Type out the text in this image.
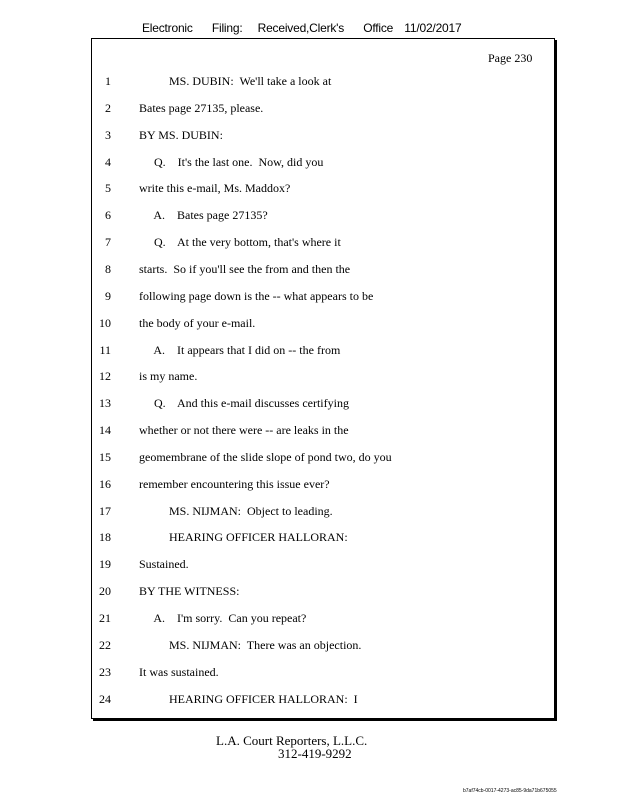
Electronic Filing: Received,Clerk's Office 11/02/2017
Page 230
1 MS. DUBIN:  We'll take a look at
2 Bates page 27135, please.
3 BY MS. DUBIN:
4 Q.    It's the last one.  Now, did you
5 write this e-mail, Ms. Maddox?
6 A.    Bates page 27135?
7 Q.    At the very bottom, that's where it
8 starts.  So if you'll see the from and then the
9 following page down is the -- what appears to be
10 the body of your e-mail.
11 A.    It appears that I did on -- the from
12 is my name.
13 Q.    And this e-mail discusses certifying
14 whether or not there were -- are leaks in the
15 geomembrane of the slide slope of pond two, do you
16 remember encountering this issue ever?
17 MS. NIJMAN:  Object to leading.
18 HEARING OFFICER HALLORAN:
19 Sustained.
20 BY THE WITNESS:
21 A.    I'm sorry.  Can you repeat?
22 MS. NIJMAN:  There was an objection.
23 It was sustained.
24 HEARING OFFICER HALLORAN:  I
L.A. Court Reporters, L.L.C.
312-419-9292
b7af74cb-0017-4273-ac85-9da71b675055
